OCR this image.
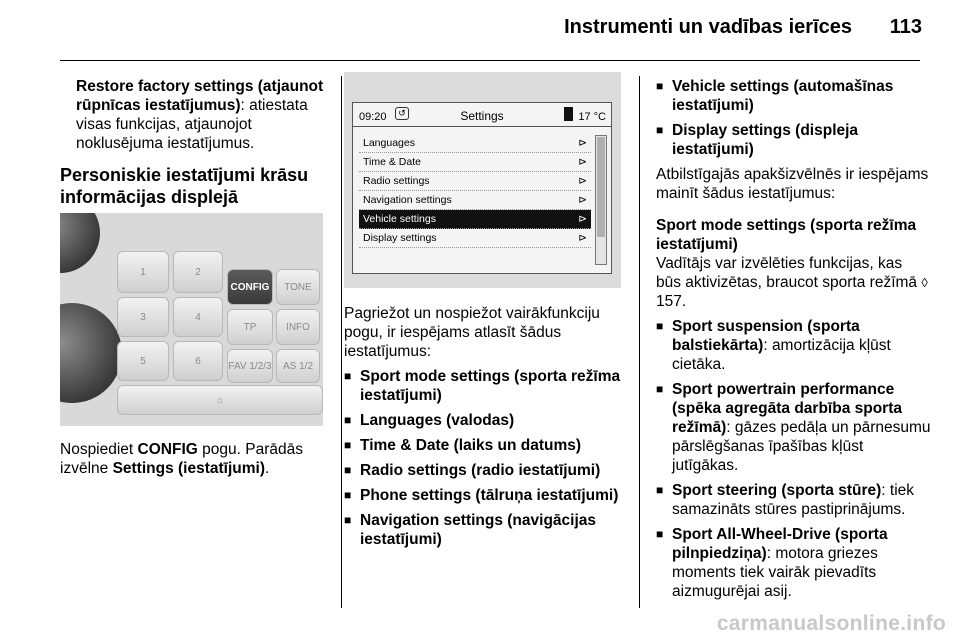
Instrumenti un vadības ierīces 113

Restore factory settings (atjaunot rūpnīcas iestatījumus): atiestata visas funkcijas, atjaunojot noklusējuma iestatījumus.

Personiskie iestatījumi krāsu informācijas displejā
1	2
3	4
5	6
CONFIG	TONE
TP	INFO
FAV 1/2/3	AS 1/2
⌂
Nospiediet CONFIG pogu. Parādās izvēlne Settings (iestatījumi).
09:20	↺	Settings	17 °C
Languages	⊳
Time & Date	⊳
Radio settings	⊳
Navigation settings	⊳
Vehicle settings	⊳
Display settings	⊳

Pagriežot un nospiežot vairākfunkciju pogu, ir iespējams atlasīt šādus iestatījumus:

■ Sport mode settings (sporta režīma iestatījumi)
■ Languages (valodas)
■ Time & Date (laiks un datums)
■ Radio settings (radio iestatījumi)
■ Phone settings (tālruņa iestatījumi)
■ Navigation settings (navigācijas iestatījumi)
■ Vehicle settings (automašīnas iestatījumi)
■ Display settings (displeja iestatījumi)

Atbilstīgajās apakšizvēlnēs ir iespējams mainīt šādus iestatījumus:

Sport mode settings (sporta režīma iestatījumi)

Vadītājs var izvēlēties funkcijas, kas būs aktivizētas, braucot sporta režīmā ◊ 157.

■ Sport suspension (sporta balstiekārta): amortizācija kļūst cietāka.
■ Sport powertrain performance (spēka agregāta darbība sporta režīmā): gāzes pedāļa un pārnesumu pārslēgšanas īpašības kļūst jutīgākas.
■ Sport steering (sporta stūre): tiek samazināts stūres pastiprinājums.
■ Sport All-Wheel-Drive (sporta pilnpiedziņa): motora griezes moments tiek vairāk pievadīts aizmugurējai asij.
carmanualsonline.info
